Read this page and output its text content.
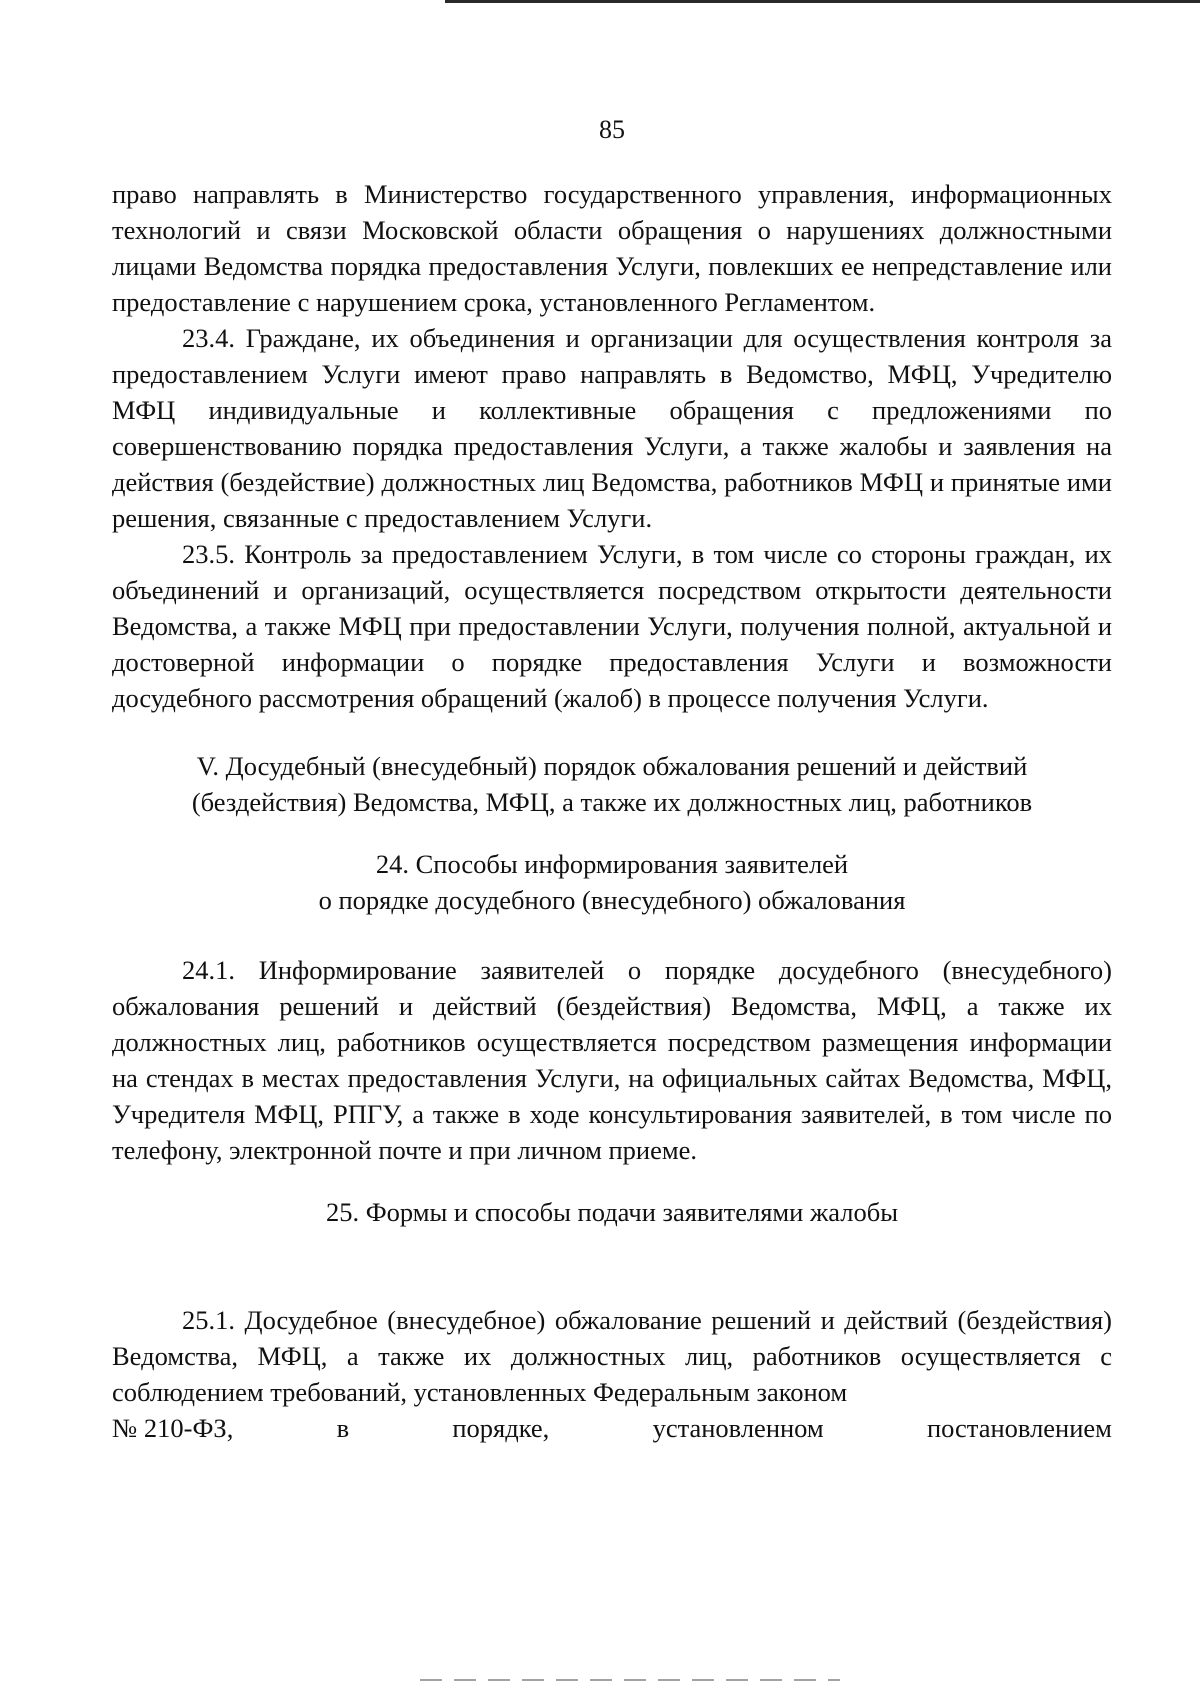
85

право направлять в Министерство государственного управления, информационных технологий и связи Московской области обращения о нарушениях должностными лицами Ведомства порядка предоставления Услуги, повлекших ее непредставление или предоставление с нарушением срока, установленного Регламентом.

23.4. Граждане, их объединения и организации для осуществления контроля за предоставлением Услуги имеют право направлять в Ведомство, МФЦ, Учредителю МФЦ индивидуальные и коллективные обращения с предложениями по совершенствованию порядка предоставления Услуги, а также жалобы и заявления на действия (бездействие) должностных лиц Ведомства, работников МФЦ и принятые ими решения, связанные с предоставлением Услуги.

23.5. Контроль за предоставлением Услуги, в том числе со стороны граждан, их объединений и организаций, осуществляется посредством открытости деятельности Ведомства, а также МФЦ при предоставлении Услуги, получения полной, актуальной и достоверной информации о порядке предоставления Услуги и возможности досудебного рассмотрения обращений (жалоб) в процессе получения Услуги.

V. Досудебный (внесудебный) порядок обжалования решений и действий

(бездействия) Ведомства, МФЦ, а также их должностных лиц, работников

24. Способы информирования заявителей

о порядке досудебного (внесудебного) обжалования

24.1. Информирование заявителей о порядке досудебного (внесудебного) обжалования решений и действий (бездействия) Ведомства, МФЦ, а также их должностных лиц, работников осуществляется посредством размещения информации на стендах в местах предоставления Услуги, на официальных сайтах Ведомства, МФЦ, Учредителя МФЦ, РПГУ, а также в ходе консультирования заявителей, в том числе по телефону, электронной почте и при личном приеме.

25. Формы и способы подачи заявителями жалобы

25.1. Досудебное (внесудебное) обжалование решений и действий (бездействия) Ведомства, МФЦ, а также их должностных лиц, работников осуществляется с соблюдением требований, установленных Федеральным законом

№ 210-ФЗ,	в	порядке,	установленном	постановлением
